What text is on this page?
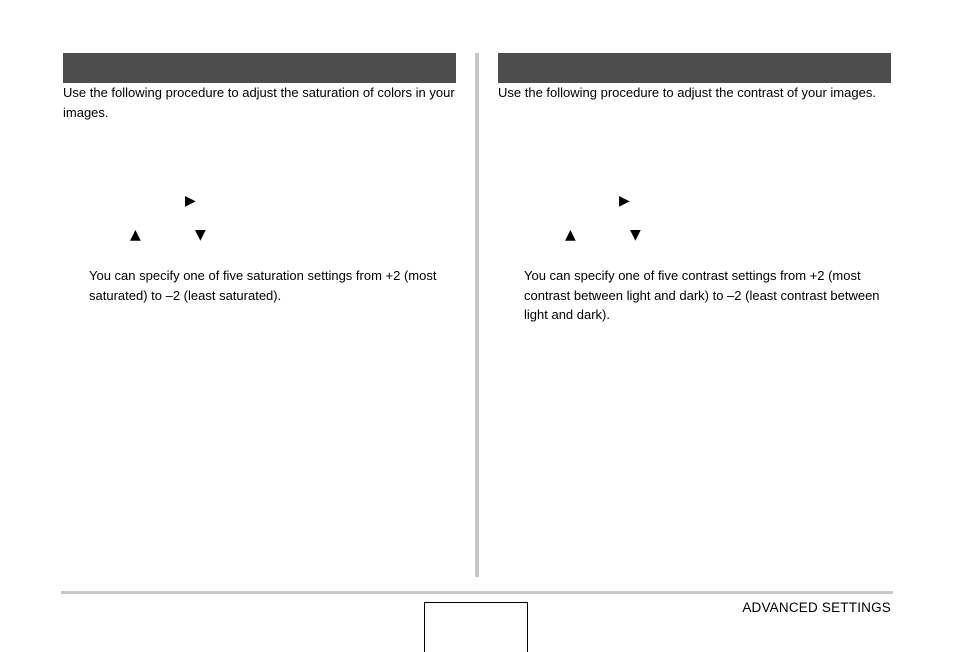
Use the following procedure to adjust the saturation of colors in your images.

▶
▲	▼

You can specify one of five saturation settings from +2 (most saturated) to –2 (least saturated).

Use the following procedure to adjust the contrast of your images.

▶
▲	▼

You can specify one of five contrast settings from +2 (most contrast between light and dark) to –2 (least contrast between light and dark).

ADVANCED SETTINGS
